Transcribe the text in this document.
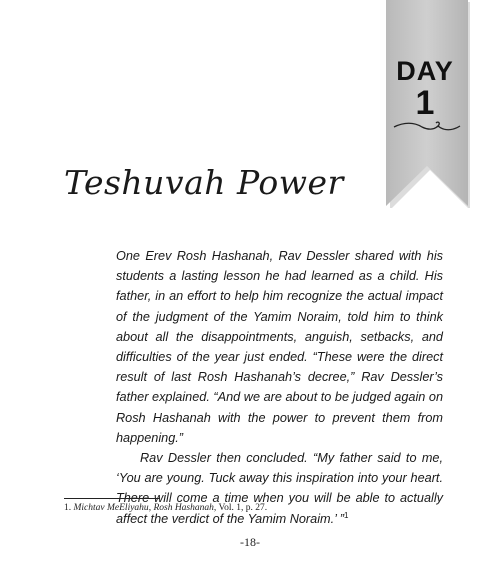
DAY
1
Teshuvah Power

One Erev Rosh Hashanah, Rav Dessler shared with his students a lasting lesson he had learned as a child. His father, in an effort to help him recognize the actual impact of the judgment of the Yamim Noraim, told him to think about all the disappointments, anguish, setbacks, and difficulties of the year just ended. “These were the direct result of last Rosh Hashanah’s decree,” Rav Dessler’s father explained. “And we are about to be judged again on Rosh Hashanah with the power to prevent them from happening.”

Rav Dessler then concluded. “My father said to me, ‘You are young. Tuck away this inspiration into your heart. There will come a time when you will be able to actually affect the verdict of the Yamim Noraim.’ ”$^1$

1. Michtav MeEliyahu, Rosh Hashanah, Vol. 1, p. 27.
-18-
